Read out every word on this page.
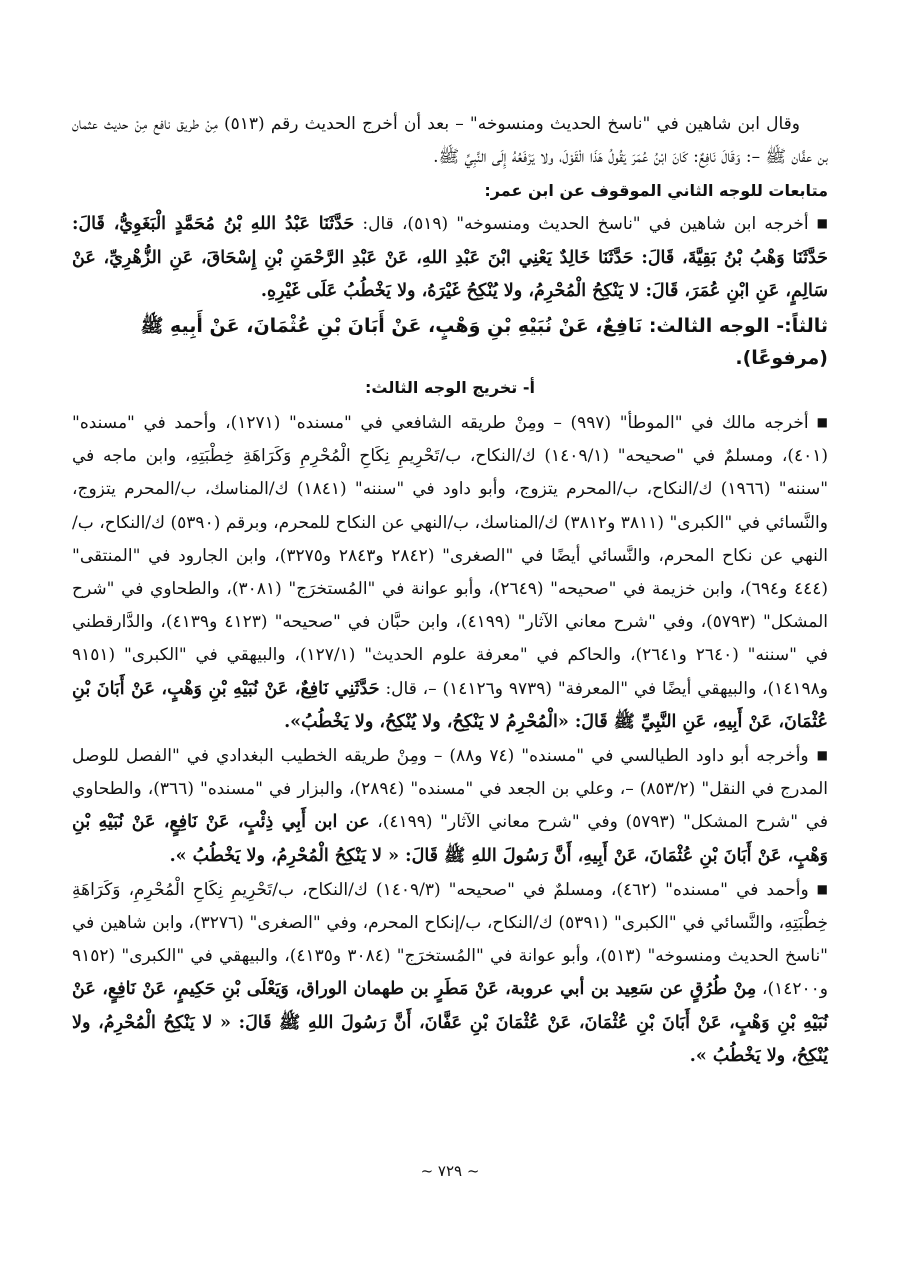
وقال ابن شاهين في "ناسخ الحديث ومنسوخه" – بعد أن أخرج الحديث رقم (٥١٣) مِنْ طريق نافع مِنْ حديث عثمان بن عفَّان ﷺ –: وَقَالَ نَافِعٌ: كَانَ ابْنُ عُمَرَ يَقُولُ هَذَا الْقَوْلَ، ولا يَرْفَعُهُ إِلَى النَّبِيِّ ﷺ.

متابعات للوجه الثاني الموقوف عن ابن عمر:

■أخرجه ابن شاهين في "ناسخ الحديث ومنسوخه" (٥١٩)، قال: حَدَّثَنَا عَبْدُ اللهِ بْنُ مُحَمَّدٍ الْبَغَوِيُّ، قَالَ: حَدَّثَنَا وَهْبُ بْنُ بَقِيَّةَ، قَالَ: حَدَّثَنَا خَالِدٌ يَعْنِي ابْنَ عَبْدِ اللهِ، عَنْ عَبْدِ الرَّحْمَنِ بْنِ إِسْحَاقَ، عَنِ الزُّهْرِيِّ، عَنْ سَالِمٍ، عَنِ ابْنِ عُمَرَ، قَالَ: لا يَنْكِحُ الْمُحْرِمُ، ولا يُنْكِحُ غَيْرَهُ، ولا يَخْطُبُ عَلَى غَيْرِهِ.

ثالثاً:- الوجه الثالث: نَافِعٌ، عَنْ نُبَيْهِ بْنِ وَهْبٍ، عَنْ أَبَانَ بْنِ عُثْمَانَ، عَنْ أَبِيهِ ﷺ (مرفوعًا).

أ- تخريج الوجه الثالث:

■أخرجه مالك في "الموطأ" (٩٩٧) – ومِنْ طريقه الشافعي في "مسنده" (١٢٧١)، وأحمد في "مسنده" (٤٠١)، ومسلمٌ في "صحيحه" (١٤٠٩/١) ك/النكاح، ب/تَحْرِيمِ نِكَاحِ الْمُحْرِمِ وَكَرَاهَةِ خِطْبَتِهِ، وابن ماجه في "سننه" (١٩٦٦) ك/النكاح، ب/المحرم يتزوج، وأبو داود في "سننه" (١٨٤١) ك/المناسك، ب/المحرم يتزوج، والنَّسائي في "الكبرى" (٣٨١١ و٣٨١٢) ك/المناسك، ب/النهي عن النكاح للمحرم، وبرقم (٥٣٩٠) ك/النكاح، ب/النهي عن نكاح المحرم، والنَّسائي أيضًا في "الصغرى" (٢٨٤٢ و٢٨٤٣ و٣٢٧٥)، وابن الجارود في "المنتقى" (٤٤٤ و٦٩٤)، وابن خزيمة في "صحيحه" (٢٦٤٩)، وأبو عوانة في "المُستخرَج" (٣٠٨١)، والطحاوي في "شرح المشكل" (٥٧٩٣)، وفي "شرح معاني الآثار" (٤١٩٩)، وابن حبَّان في "صحيحه" (٤١٢٣ و٤١٣٩)، والدَّارقطني في "سننه" (٢٦٤٠ و٢٦٤١)، والحاكم في "معرفة علوم الحديث" (١٢٧/١)، والبيهقي في "الكبرى" (٩١٥١ و١٤١٩٨)، والبيهقي أيضًا في "المعرفة" (٩٧٣٩ و١٤١٢٦) –، قال: حَدَّثَنِي نَافِعٌ، عَنْ نُبَيْهِ بْنِ وَهْبٍ، عَنْ أَبَانَ بْنِ عُثْمَانَ، عَنْ أَبِيهِ، عَنِ النَّبِيِّ ﷺ قَالَ: «الْمُحْرِمُ لا يَنْكِحُ، ولا يُنْكِحُ، ولا يَخْطُبُ».

■وأخرجه أبو داود الطيالسي في "مسنده" (٧٤ و٨٨) – ومِنْ طريقه الخطيب البغدادي في "الفصل للوصل المدرج في النقل" (٨٥٣/٢) –، وعلي بن الجعد في "مسنده" (٢٨٩٤)، والبزار في "مسنده" (٣٦٦)، والطحاوي في "شرح المشكل" (٥٧٩٣) وفي "شرح معاني الآثار" (٤١٩٩)، عن ابن أَبِي ذِئْبٍ، عَنْ نَافِعٍ، عَنْ نُبَيْهِ بْنِ وَهْبٍ، عَنْ أَبَانَ بْنِ عُثْمَانَ، عَنْ أَبِيهِ، أَنَّ رَسُولَ اللهِ ﷺ قَالَ: « لا يَنْكِحُ الْمُحْرِمُ، ولا يَخْطُبُ ».

■وأحمد في "مسنده" (٤٦٢)، ومسلمٌ في "صحيحه" (١٤٠٩/٣) ك/النكاح، ب/تَحْرِيمِ نِكَاحِ الْمُحْرِمِ، وَكَرَاهَةِ خِطْبَتِهِ، والنَّسائي في "الكبرى" (٥٣٩١) ك/النكاح، ب/إنكاح المحرم، وفي "الصغرى" (٣٢٧٦)، وابن شاهين في "ناسخ الحديث ومنسوخه" (٥١٣)، وأبو عوانة في "المُستخرَج" (٣٠٨٤ و٤١٣٥)، والبيهقي في "الكبرى" (٩١٥٢ و١٤٢٠٠)، مِنْ طُرُقٍ عن سَعِيد بن أبي عروبة، عَنْ مَطَرٍ بن طهمان الوراق، وَيَعْلَى بْنِ حَكِيمٍ، عَنْ نَافِعٍ، عَنْ نُبَيْهِ بْنِ وَهْبٍ، عَنْ أَبَانَ بْنِ عُثْمَانَ، عَنْ عُثْمَانَ بْنِ عَفَّانَ، أَنَّ رَسُولَ اللهِ ﷺ قَالَ: « لا يَنْكِحُ الْمُحْرِمُ، ولا يُنْكِحُ، ولا يَخْطُبُ ».

~ ٧٢٩ ~
